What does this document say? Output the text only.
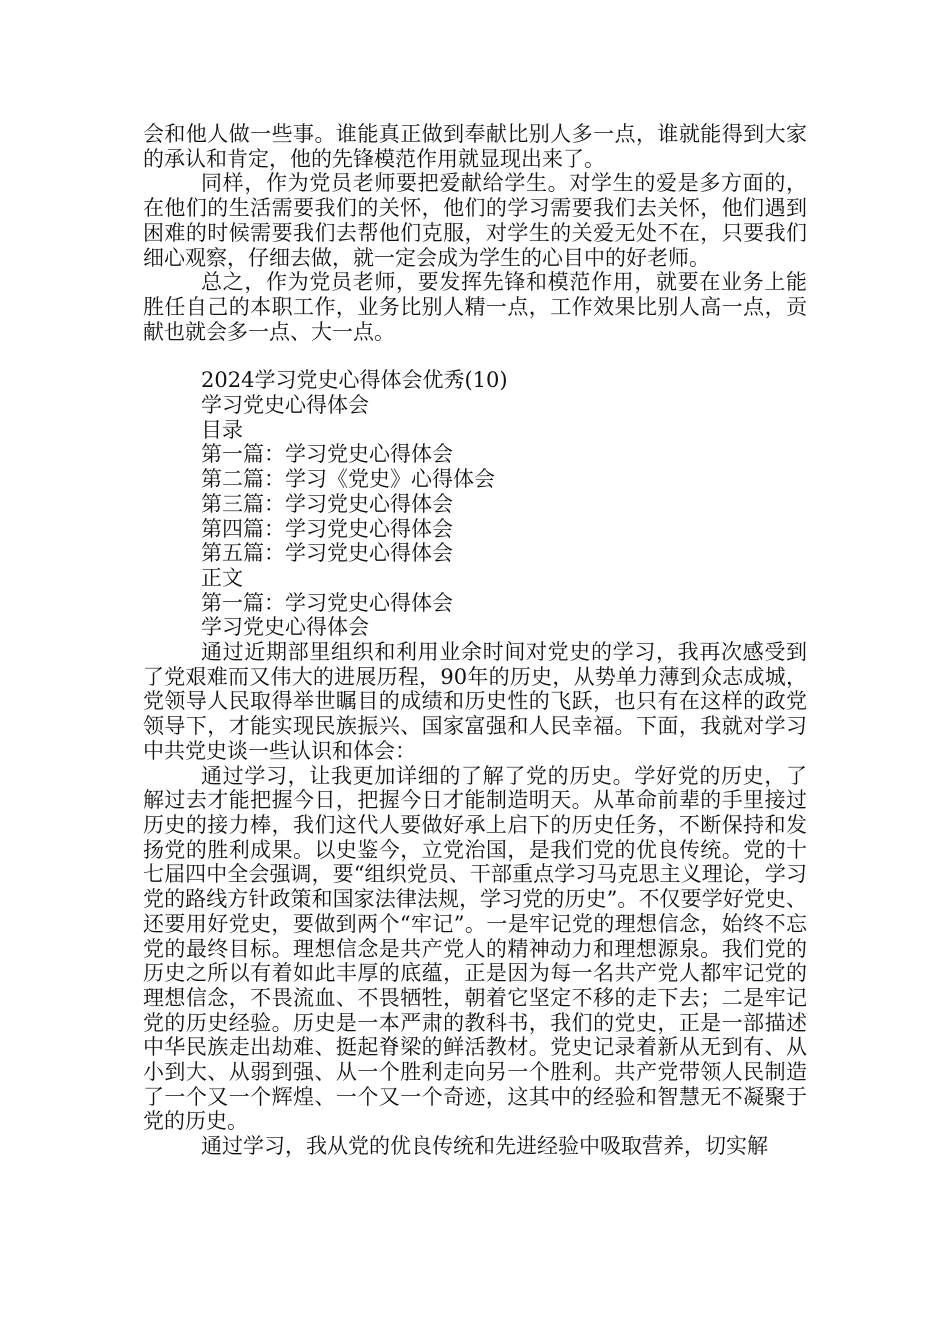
会和他人做一些事。谁能真正做到奉献比别人多一点，谁就能得到大家的承认和肯定，他的先锋模范作用就显现出来了。

同样，作为党员老师要把爱献给学生。对学生的爱是多方面的，在他们的生活需要我们的关怀，他们的学习需要我们去关怀，他们遇到困难的时候需要我们去帮他们克服，对学生的关爱无处不在，只要我们细心观察，仔细去做，就一定会成为学生的心目中的好老师。

总之，作为党员老师，要发挥先锋和模范作用，就要在业务上能胜任自己的本职工作，业务比别人精一点，工作效果比别人高一点，贡献也就会多一点、大一点。

2024学习党史心得体会优秀(10)

学习党史心得体会

目录

第一篇：学习党史心得体会

第二篇：学习《党史》心得体会

第三篇：学习党史心得体会

第四篇：学习党史心得体会

第五篇：学习党史心得体会

正文

第一篇：学习党史心得体会

学习党史心得体会

通过近期部里组织和利用业余时间对党史的学习，我再次感受到了党艰难而又伟大的进展历程，90年的历史，从势单力薄到众志成城，党领导人民取得举世瞩目的成绩和历史性的飞跃，也只有在这样的政党领导下，才能实现民族振兴、国家富强和人民幸福。下面，我就对学习中共党史谈一些认识和体会：

通过学习，让我更加详细的了解了党的历史。学好党的历史，了解过去才能把握今日，把握今日才能制造明天。从革命前辈的手里接过历史的接力棒，我们这代人要做好承上启下的历史任务，不断保持和发扬党的胜利成果。以史鉴今，立党治国，是我们党的优良传统。党的十七届四中全会强调，要“组织党员、干部重点学习马克思主义理论，学习党的路线方针政策和国家法律法规，学习党的历史”。不仅要学好党史、还要用好党史，要做到两个“牢记”。一是牢记党的理想信念，始终不忘党的最终目标。理想信念是共产党人的精神动力和理想源泉。我们党的历史之所以有着如此丰厚的底蕴，正是因为每一名共产党人都牢记党的理想信念，不畏流血、不畏牺牲，朝着它坚定不移的走下去；二是牢记党的历史经验。历史是一本严肃的教科书，我们的党史，正是一部描述中华民族走出劫难、挺起脊梁的鲜活教材。党史记录着新从无到有、从小到大、从弱到强、从一个胜利走向另一个胜利。共产党带领人民制造了一个又一个辉煌、一个又一个奇迹，这其中的经验和智慧无不凝聚于党的历史。

通过学习，我从党的优良传统和先进经验中吸取营养，切实解
